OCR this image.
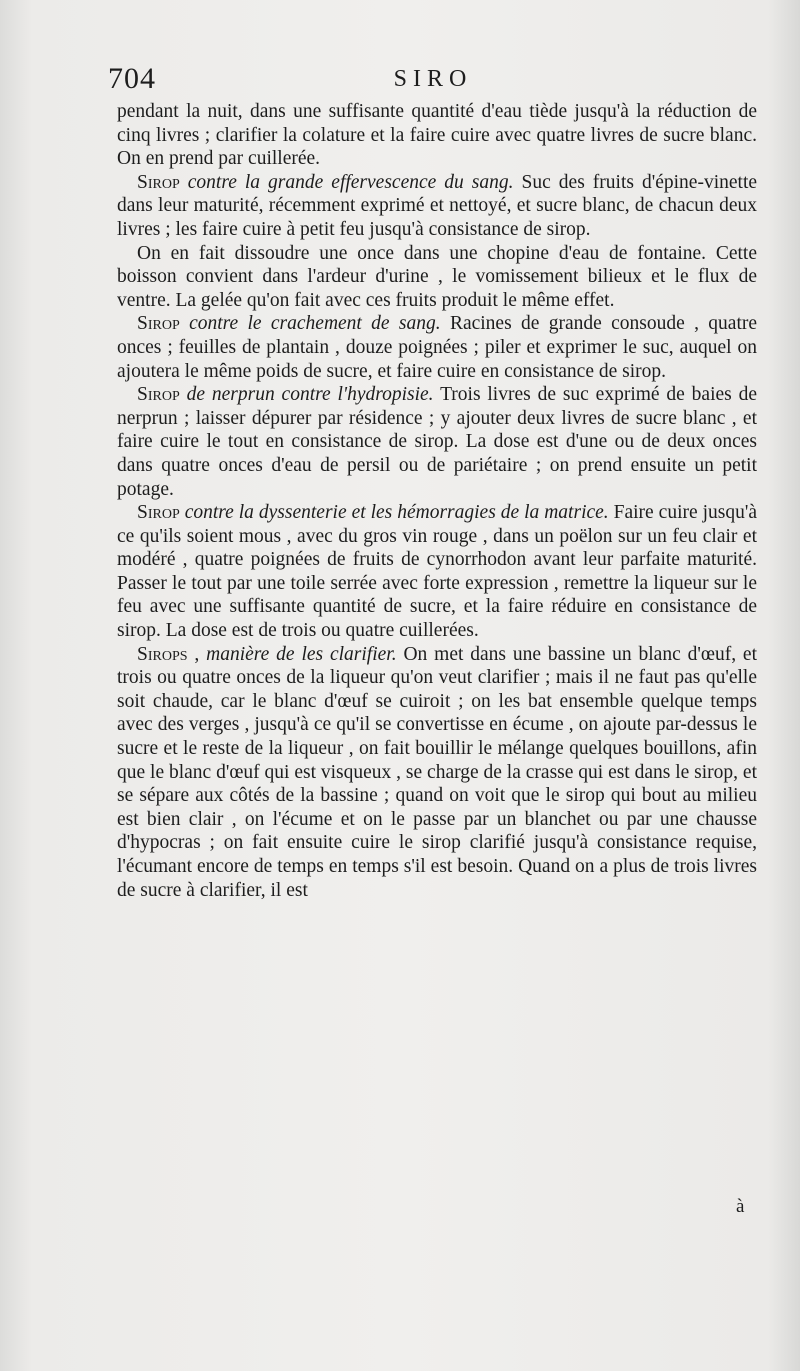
704	SIRO

pendant la nuit, dans une suffisante quantité d'eau tiède jusqu'à la réduction de cinq livres ; clarifier la colature et la faire cuire avec quatre livres de sucre blanc. On en prend par cuillerée.

Sirop contre la grande effervescence du sang. Suc des fruits d'épine-vinette dans leur maturité, récemment exprimé et nettoyé, et sucre blanc, de chacun deux livres ; les faire cuire à petit feu jusqu'à consistance de sirop.

On en fait dissoudre une once dans une chopine d'eau de fontaine. Cette boisson convient dans l'ardeur d'urine , le vomissement bilieux et le flux de ventre. La gelée qu'on fait avec ces fruits produit le même effet.

Sirop contre le crachement de sang. Racines de grande consoude , quatre onces ; feuilles de plantain , douze poignées ; piler et exprimer le suc, auquel on ajoutera le même poids de sucre, et faire cuire en consistance de sirop.

Sirop de nerprun contre l'hydropisie. Trois livres de suc exprimé de baies de nerprun ; laisser dépurer par résidence ; y ajouter deux livres de sucre blanc , et faire cuire le tout en consistance de sirop. La dose est d'une ou de deux onces dans quatre onces d'eau de persil ou de pariétaire ; on prend ensuite un petit potage.

Sirop contre la dyssenterie et les hémorragies de la matrice. Faire cuire jusqu'à ce qu'ils soient mous , avec du gros vin rouge , dans un poëlon sur un feu clair et modéré , quatre poignées de fruits de cynorrhodon avant leur parfaite maturité. Passer le tout par une toile serrée avec forte expression , remettre la liqueur sur le feu avec une suffisante quantité de sucre, et la faire réduire en consistance de sirop. La dose est de trois ou quatre cuillerées.

Sirops , manière de les clarifier. On met dans une bassine un blanc d'œuf, et trois ou quatre onces de la liqueur qu'on veut clarifier ; mais il ne faut pas qu'elle soit chaude, car le blanc d'œuf se cuiroit ; on les bat ensemble quelque temps avec des verges , jusqu'à ce qu'il se convertisse en écume , on ajoute par-dessus le sucre et le reste de la liqueur , on fait bouillir le mélange quelques bouillons, afin que le blanc d'œuf qui est visqueux , se charge de la crasse qui est dans le sirop, et se sépare aux côtés de la bassine ; quand on voit que le sirop qui bout au milieu est bien clair , on l'écume et on le passe par un blanchet ou par une chausse d'hypocras ; on fait ensuite cuire le sirop clarifié jusqu'à consistance requise, l'écumant encore de temps en temps s'il est besoin. Quand on a plus de trois livres de sucre à clarifier, il est

à
